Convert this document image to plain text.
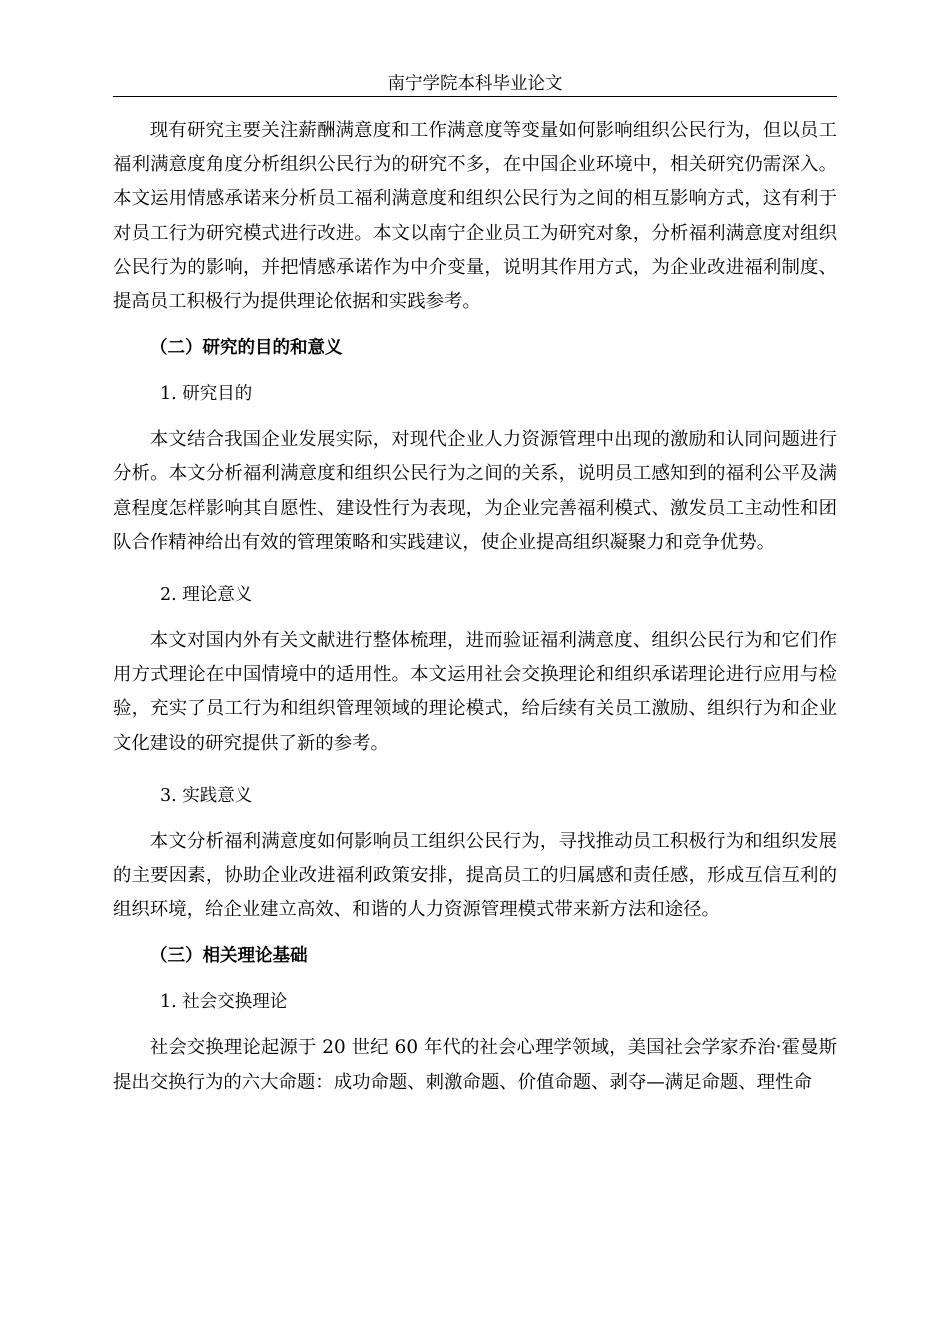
南宁学院本科毕业论文

现有研究主要关注薪酬满意度和工作满意度等变量如何影响组织公民行为，但以员工福利满意度角度分析组织公民行为的研究不多，在中国企业环境中，相关研究仍需深入。本文运用情感承诺来分析员工福利满意度和组织公民行为之间的相互影响方式，这有利于对员工行为研究模式进行改进。本文以南宁企业员工为研究对象，分析福利满意度对组织公民行为的影响，并把情感承诺作为中介变量，说明其作用方式，为企业改进福利制度、提高员工积极行为提供理论依据和实践参考。

（二）研究的目的和意义

1. 研究目的

本文结合我国企业发展实际，对现代企业人力资源管理中出现的激励和认同问题进行分析。本文分析福利满意度和组织公民行为之间的关系，说明员工感知到的福利公平及满意程度怎样影响其自愿性、建设性行为表现，为企业完善福利模式、激发员工主动性和团队合作精神给出有效的管理策略和实践建议，使企业提高组织凝聚力和竞争优势。

2. 理论意义

本文对国内外有关文献进行整体梳理，进而验证福利满意度、组织公民行为和它们作用方式理论在中国情境中的适用性。本文运用社会交换理论和组织承诺理论进行应用与检验，充实了员工行为和组织管理领域的理论模式，给后续有关员工激励、组织行为和企业文化建设的研究提供了新的参考。

3. 实践意义

本文分析福利满意度如何影响员工组织公民行为，寻找推动员工积极行为和组织发展的主要因素，协助企业改进福利政策安排，提高员工的归属感和责任感，形成互信互利的组织环境，给企业建立高效、和谐的人力资源管理模式带来新方法和途径。

（三）相关理论基础

1. 社会交换理论

社会交换理论起源于 20 世纪 60 年代的社会心理学领域，美国社会学家乔治·霍曼斯提出交换行为的六大命题：成功命题、刺激命题、价值命题、剥夺—满足命题、理性命
